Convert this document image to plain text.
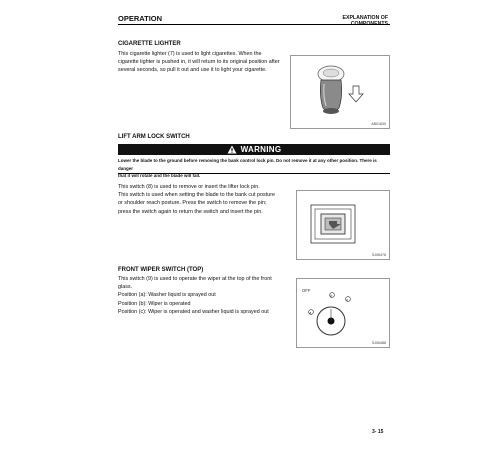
OPERATION	EXPLANATION OF COMPONENTS
CIGARETTE LIGHTER
This cigarette lighter (7) is used to light cigarettes. When the
cigarette lighter is pushed in, it will return to its original position after
several seconds, so pull it out and use it to light your cigarette.
AB01830
LIFT ARM LOCK SWITCH
WARNING
Lower the blade to the ground before removing the bank control lock pin. Do not remove it at any other position. There is danger
that it will rotate and the blade will fall.
This switch (8) is used to remove or insert the lifter lock pin.
This switch is used when setting the blade to the bank cut posture
or shoulder reach posture. Press the switch to remove the pin;
press the switch again to return the switch and insert the pin.
SJ06476
FRONT WIPER SWITCH (TOP)
This switch (9) is used to operate the wiper at the top of the front
glass.
Position (a): Washer liquid is sprayed out
Position (b): Wiper is operated
Position (c): Wiper is operated and washer liquid is sprayed out
OFF
a
b
c
SJ06488
3- 15
